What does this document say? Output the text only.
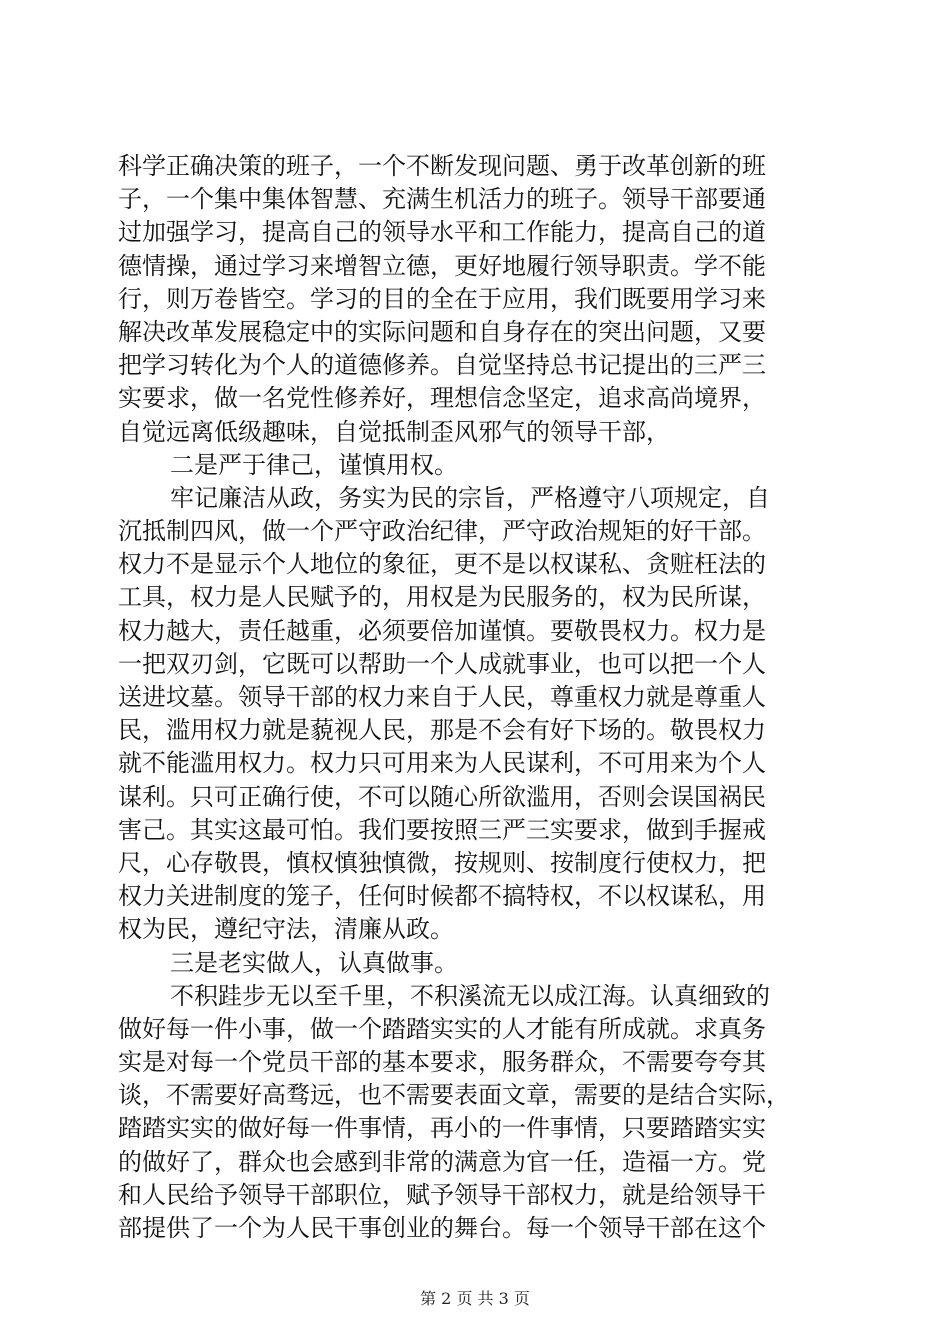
科学正确决策的班子，一个不断发现问题、勇于改革创新的班
子，一个集中集体智慧、充满生机活力的班子。领导干部要通
过加强学习，提高自己的领导水平和工作能力，提高自己的道
德情操，通过学习来增智立德，更好地履行领导职责。学不能
行，则万卷皆空。学习的目的全在于应用，我们既要用学习来
解决改革发展稳定中的实际问题和自身存在的突出问题，又要
把学习转化为个人的道德修养。自觉坚持总书记提出的三严三
实要求，做一名党性修养好，理想信念坚定，追求高尚境界，
自觉远离低级趣味，自觉抵制歪风邪气的领导干部，
二是严于律己，谨慎用权。
牢记廉洁从政，务实为民的宗旨，严格遵守八项规定，自
沉抵制四风，做一个严守政治纪律，严守政治规矩的好干部。
权力不是显示个人地位的象征，更不是以权谋私、贪赃枉法的
工具，权力是人民赋予的，用权是为民服务的，权为民所谋，
权力越大，责任越重，必须要倍加谨慎。要敬畏权力。权力是
一把双刃剑，它既可以帮助一个人成就事业，也可以把一个人
送进坟墓。领导干部的权力来自于人民，尊重权力就是尊重人
民，滥用权力就是藐视人民，那是不会有好下场的。敬畏权力
就不能滥用权力。权力只可用来为人民谋利，不可用来为个人
谋利。只可正确行使，不可以随心所欲滥用，否则会误国祸民
害己。其实这最可怕。我们要按照三严三实要求，做到手握戒
尺，心存敬畏，慎权慎独慎微，按规则、按制度行使权力，把
权力关进制度的笼子，任何时候都不搞特权，不以权谋私，用
权为民，遵纪守法，清廉从政。
三是老实做人，认真做事。
不积跬步无以至千里，不积溪流无以成江海。认真细致的
做好每一件小事，做一个踏踏实实的人才能有所成就。求真务
实是对每一个党员干部的基本要求，服务群众，不需要夸夸其
谈，不需要好高骛远，也不需要表面文章，需要的是结合实际，
踏踏实实的做好每一件事情，再小的一件事情，只要踏踏实实
的做好了，群众也会感到非常的满意为官一任，造福一方。党
和人民给予领导干部职位，赋予领导干部权力，就是给领导干
部提供了一个为人民干事创业的舞台。每一个领导干部在这个
第 2 页 共 3 页
